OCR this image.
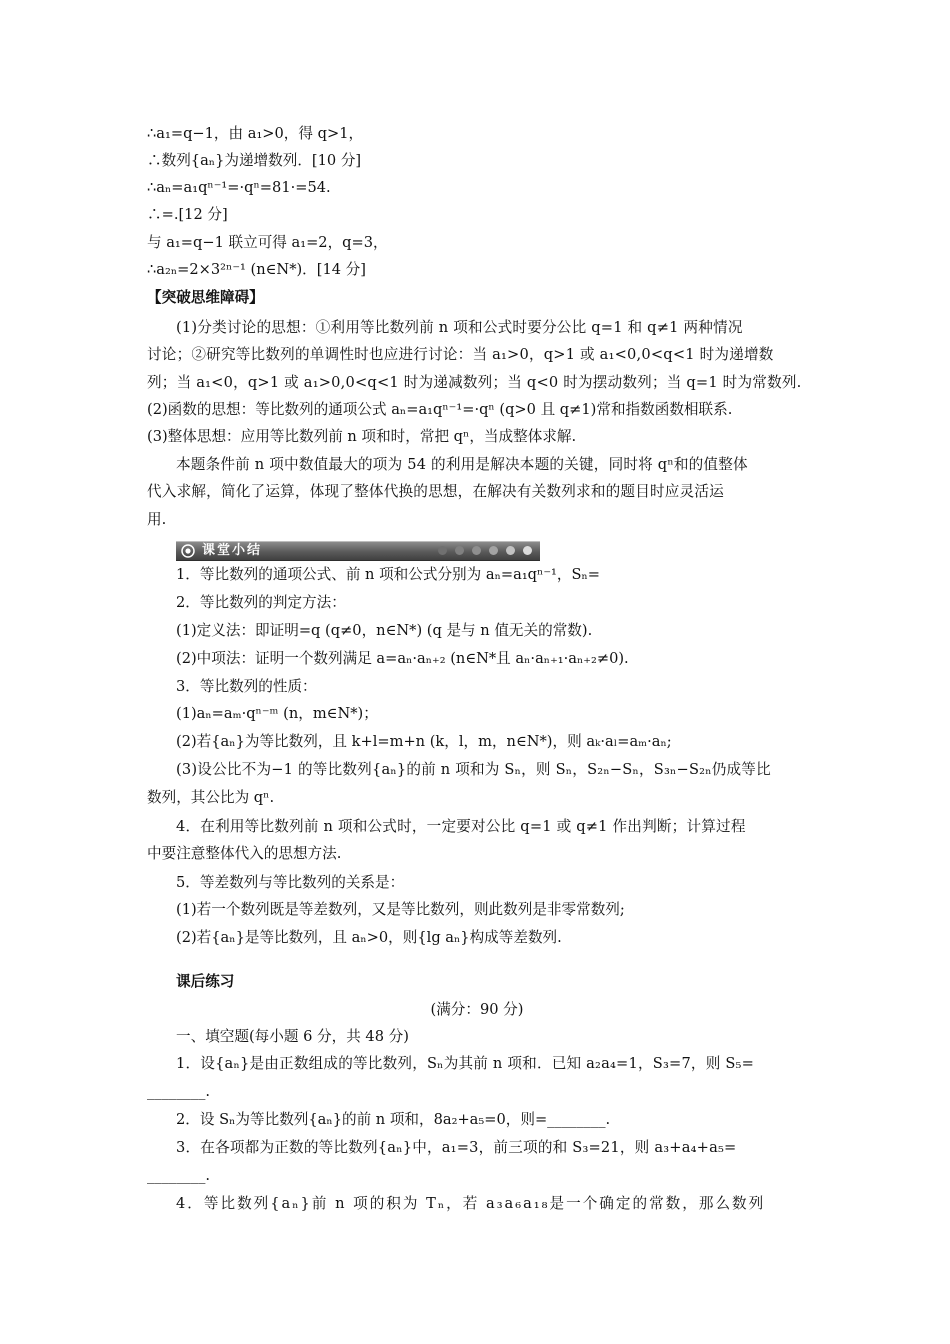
∴a₁=q−1，由 a₁>0，得 q>1，
∴数列{aₙ}为递增数列．[10 分]
∴aₙ=a₁qⁿ⁻¹=·qⁿ=81·=54.
∴=.[12 分]
与 a₁=q−1 联立可得 a₁=2，q=3，
∴a₂ₙ=2×3²ⁿ⁻¹ (n∈N*)．[14 分]
【突破思维障碍】
(1)分类讨论的思想：①利用等比数列前 n 项和公式时要分公比 q=1 和 q≠1 两种情况
讨论；②研究等比数列的单调性时也应进行讨论：当 a₁>0，q>1 或 a₁<0,0<q<1 时为递增数
列；当 a₁<0，q>1 或 a₁>0,0<q<1 时为递减数列；当 q<0 时为摆动数列；当 q=1 时为常数列.
(2)函数的思想：等比数列的通项公式 aₙ=a₁qⁿ⁻¹=·qⁿ (q>0 且 q≠1)常和指数函数相联系.
(3)整体思想：应用等比数列前 n 项和时，常把 qⁿ，当成整体求解.
本题条件前 n 项中数值最大的项为 54 的利用是解决本题的关键，同时将 qⁿ和的值整体
代入求解，简化了运算，体现了整体代换的思想，在解决有关数列求和的题目时应灵活运
用.
课堂小结
1．等比数列的通项公式、前 n 项和公式分别为 aₙ=a₁qⁿ⁻¹，Sₙ=
2．等比数列的判定方法：
(1)定义法：即证明=q (q≠0，n∈N*) (q 是与 n 值无关的常数).
(2)中项法：证明一个数列满足 a=aₙ·aₙ₊₂ (n∈N*且 aₙ·aₙ₊₁·aₙ₊₂≠0).
3．等比数列的性质：
(1)aₙ=aₘ·qⁿ⁻ᵐ (n，m∈N*)；
(2)若{aₙ}为等比数列，且 k+l=m+n (k，l，m，n∈N*)，则 aₖ·aₗ=aₘ·aₙ;
(3)设公比不为−1 的等比数列{aₙ}的前 n 项和为 Sₙ，则 Sₙ，S₂ₙ−Sₙ，S₃ₙ−S₂ₙ仍成等比
数列，其公比为 qⁿ.
4．在利用等比数列前 n 项和公式时，一定要对公比 q=1 或 q≠1 作出判断；计算过程
中要注意整体代入的思想方法.
5．等差数列与等比数列的关系是：
(1)若一个数列既是等差数列，又是等比数列，则此数列是非零常数列;
(2)若{aₙ}是等比数列，且 aₙ>0，则{lg aₙ}构成等差数列.
课后练习
(满分：90 分)
一、填空题(每小题 6 分，共 48 分)
1．设{aₙ}是由正数组成的等比数列，Sₙ为其前 n 项和．已知 a₂a₄=1，S₃=7，则 S₅=
________.
2．设 Sₙ为等比数列{aₙ}的前 n 项和，8a₂+a₅=0，则=________.
3．在各项都为正数的等比数列{aₙ}中，a₁=3，前三项的和 S₃=21，则 a₃+a₄+a₅=
________.
4．等比数列{aₙ}前 n 项的积为 Tₙ，若 a₃a₆a₁₈是一个确定的常数，那么数列
